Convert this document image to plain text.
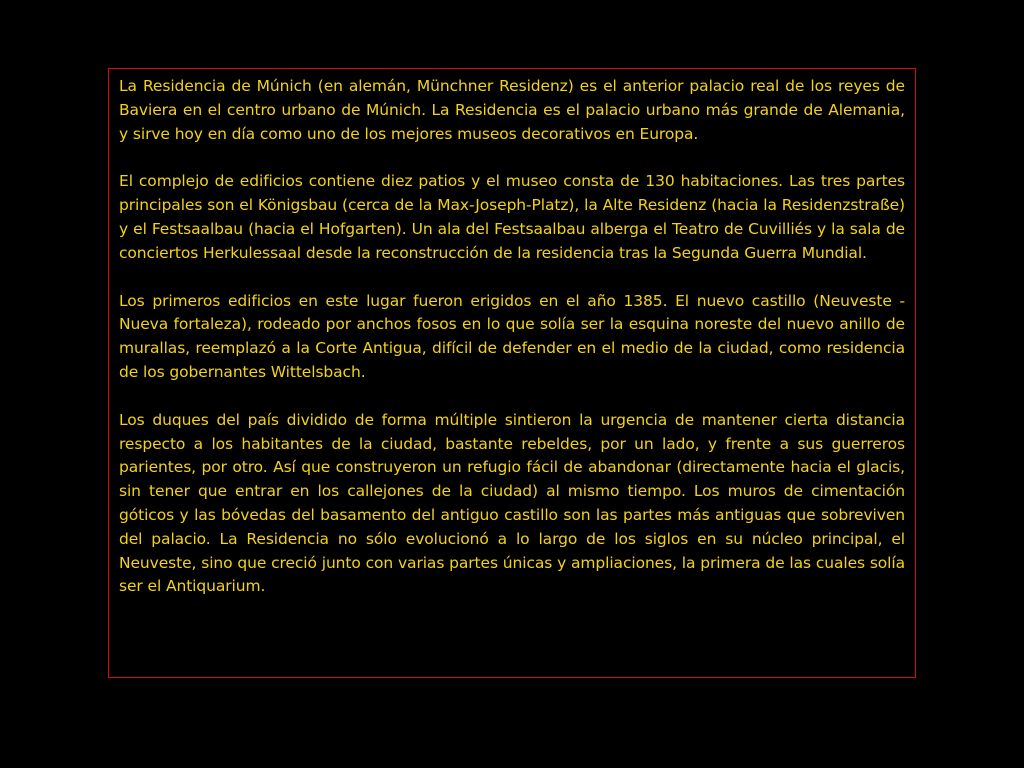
La Residencia de Múnich (en alemán, Münchner Residenz) es el anterior palacio real de los reyes de Baviera en el centro urbano de Múnich. La Residencia es el palacio urbano más grande de Alemania, y sirve hoy en día como uno de los mejores museos decorativos en Europa.

El complejo de edificios contiene diez patios y el museo consta de 130 habitaciones. Las tres partes principales son el Königsbau (cerca de la Max-Joseph-Platz), la Alte Residenz (hacia la Residenzstraße) y el Festsaalbau (hacia el Hofgarten). Un ala del Festsaalbau alberga el Teatro de Cuvilliés y la sala de conciertos Herkulessaal desde la reconstrucción de la residencia tras la Segunda Guerra Mundial.

Los primeros edificios en este lugar fueron erigidos en el año 1385. El nuevo castillo (Neuveste - Nueva fortaleza), rodeado por anchos fosos en lo que solía ser la esquina noreste del nuevo anillo de murallas, reemplazó a la Corte Antigua, difícil de defender en el medio de la ciudad, como residencia de los gobernantes Wittelsbach.

Los duques del país dividido de forma múltiple sintieron la urgencia de mantener cierta distancia respecto a los habitantes de la ciudad, bastante rebeldes, por un lado, y frente a sus guerreros parientes, por otro. Así que construyeron un refugio fácil de abandonar (directamente hacia el glacis, sin tener que entrar en los callejones de la ciudad) al mismo tiempo. Los muros de cimentación góticos y las bóvedas del basamento del antiguo castillo son las partes más antiguas que sobreviven del palacio. La Residencia no sólo evolucionó a lo largo de los siglos en su núcleo principal, el Neuveste, sino que creció junto con varias partes únicas y ampliaciones, la primera de las cuales solía ser el Antiquarium.
